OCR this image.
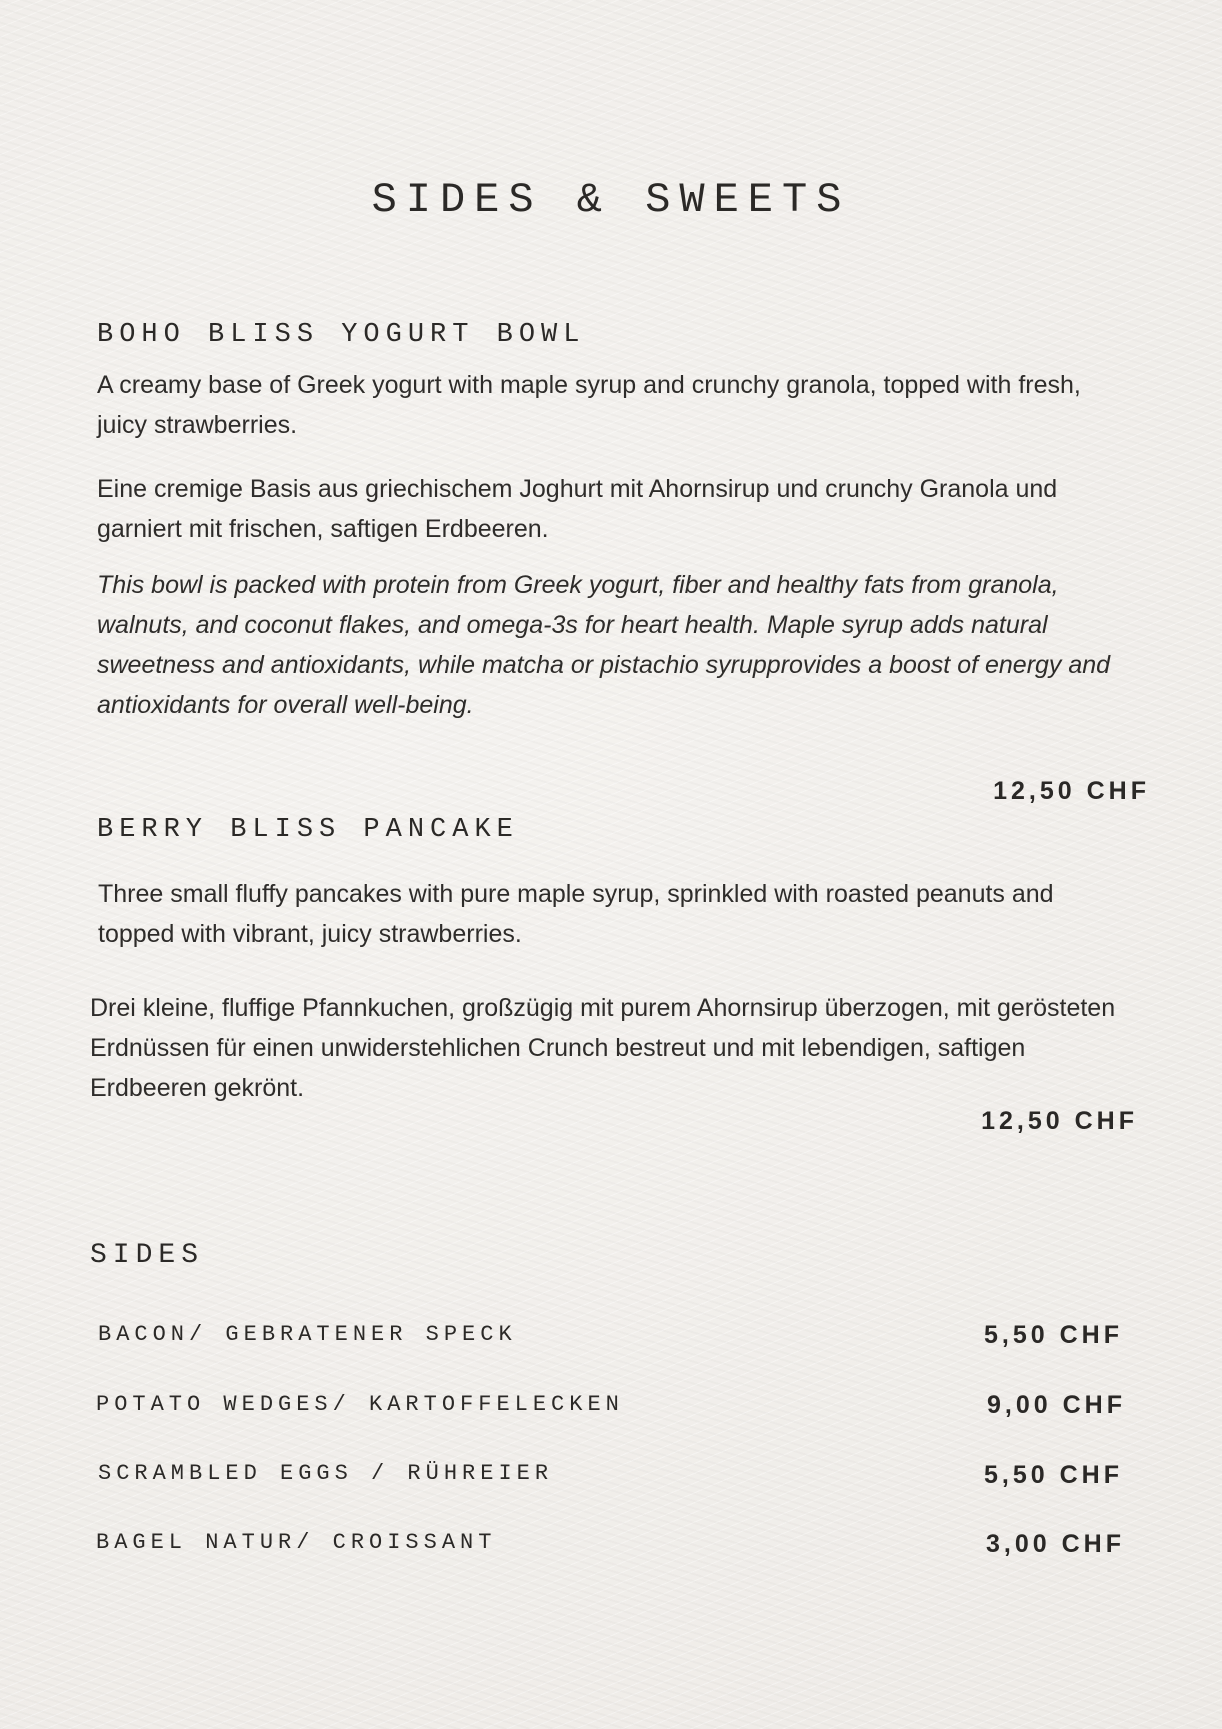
SIDES & SWEETS
BOHO BLISS YOGURT BOWL

A creamy base of Greek yogurt with maple syrup and crunchy granola, topped with fresh, juicy strawberries.

Eine cremige Basis aus griechischem Joghurt mit Ahornsirup und crunchy Granola und garniert mit frischen, saftigen Erdbeeren.

This bowl is packed with protein from Greek yogurt, fiber and healthy fats from granola, walnuts, and coconut flakes, and omega-3s for heart health. Maple syrup adds natural sweetness and antioxidants, while matcha or pistachio syrupprovides a boost of energy and antioxidants for overall well-being.

12,50 CHF
BERRY BLISS PANCAKE

Three small fluffy pancakes with pure maple syrup, sprinkled with roasted peanuts and topped with vibrant, juicy strawberries.

Drei kleine, fluffige Pfannkuchen, großzügig mit purem Ahornsirup überzogen, mit gerösteten Erdnüssen für einen unwiderstehlichen Crunch bestreut und mit lebendigen, saftigen Erdbeeren gekrönt.

12,50 CHF
SIDES
BACON/ GEBRATENER SPECK	5,50 CHF
POTATO WEDGES/ KARTOFFELECKEN	9,00 CHF
SCRAMBLED EGGS / RÜHREIER	5,50 CHF
BAGEL NATUR/ CROISSANT	3,00 CHF
